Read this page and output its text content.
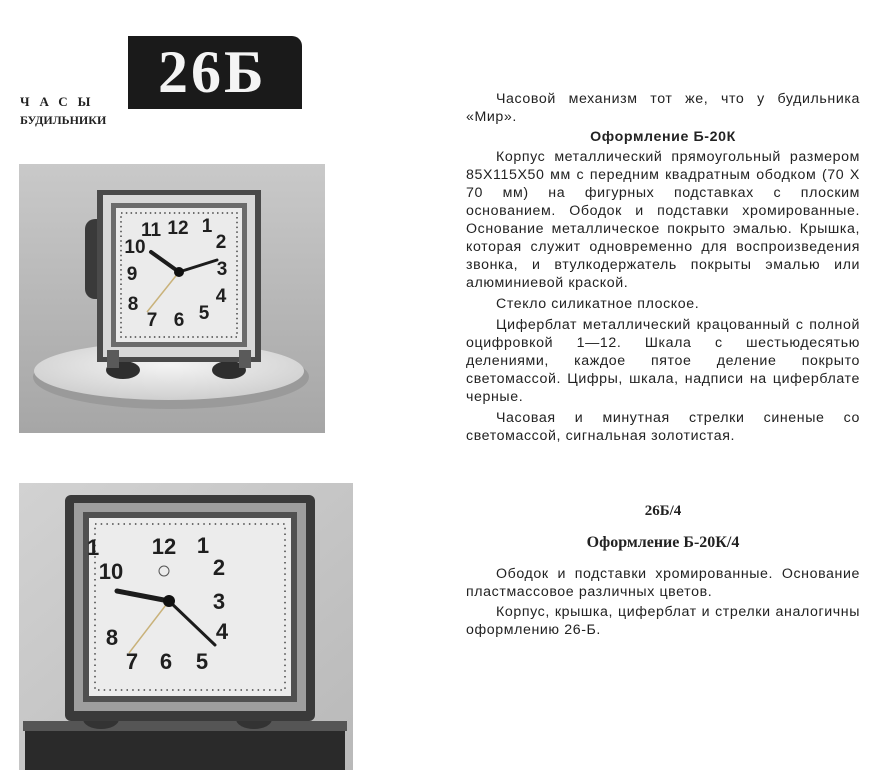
26Б
ЧАСЫ
БУДИЛЬНИКИ
12 1
2
3
4
5
6
7
8
9
10
11
12 1
2
3
4
5
6
7
8
10
1

Часовой механизм тот же, что у будильника «Мир».

Оформление Б-20К

Корпус металлический прямоугольный размером 85Х115Х50 мм с передним квадратным ободком (70 Х 70 мм) на фигурных подставках с плоским основанием. Ободок и подставки хромированные. Основание металлическое покрыто эмалью. Крышка, которая служит одновременно для воспроизведения звонка, и втулкодержатель покрыты эмалью или алюминиевой краской.

Стекло силикатное плоское.

Циферблат металлический крацованный с полной оцифровкой 1—12. Шкала с шестьюдесятью делениями, каждое пятое деление покрыто светомассой. Цифры, шкала, надписи на циферблате черные.

Часовая и минутная стрелки синеные со светомассой, сигнальная золотистая.

26Б/4
Оформление Б-20К/4

Ободок и подставки хромированные. Основание пластмассовое различных цветов.

Корпус, крышка, циферблат и стрелки аналогичны оформлению 26-Б.
